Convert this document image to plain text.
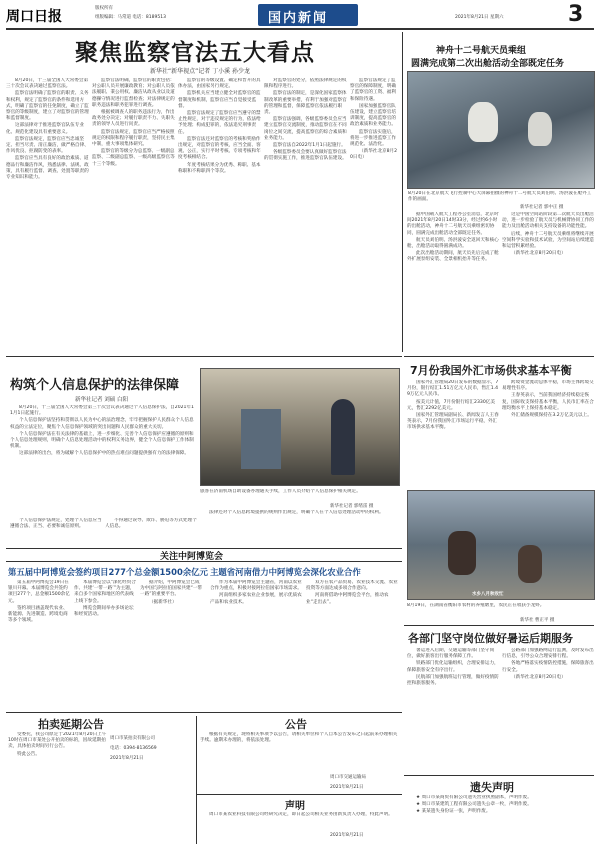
周口日报
版权所有
组版编辑：马常道 电话：8189513	国内新闻	2021年8月21日 星期六	3
聚焦监察官法五大看点
新华社“新华视点”记者 丁小溪 孙少龙

8月20日，十三届全国人大常委会第三十次会议表决通过监察官法。

监察官法明确了监察官的职责、义务和权利，规定了监察官的条件和选用方式，明确了监察官的任免制度，确立了监察官的等级制度，建立了对监察官的管理和监督制度。

这部法律对于推进监察官队伍专业化、规范化建设具有重要意义。

监察官法规定，监察官应当忠诚坚定、担当尽责、清正廉洁，做严格自律、作风优良、拒腐防变的表率。

监察官应当具有良好的政治素质、道德品行和廉洁作风，熟悉法律、法规、政策，具有履行监督、调查、处置等职责的专业知识和能力。

监察官法明确，监察官的职责包括：对公职人员开展廉政教育；对公职人员依法履职、秉公用权、廉洁从政从业以及道德操守情况进行监督检查；对法律规定的职务违法和职务犯罪进行调查。

根据被调查人的职务违法行为，作出政务处分决定；对履行职责不力、失职失责的领导人员进行问责。

监察官法规定，监察官应当严格按照规定的权限和程序履行职责，坚持民主集中制，重大事项集体研究。

监察官的等级分为总监察、一级副总监察、二级副总监察、一级高级监察官等十三个等级。

监察官的等级设置、确定和晋升的具体办法，由国家另行规定。

监察机关应当建立健全对监察官的监督制度和机制，监察官应当自觉接受监督。

监察官法规定了监察官应当遵守的禁止性规定，对于违反规定的行为，依法给予处理；构成犯罪的，依法追究刑事责任。

监察官法还对监察官的考核和奖励作出规定，对监察官的考核，应当全面、客观、公正，实行平时考核、专项考核和年度考核相结合。

年度考核结果分为优秀、称职、基本称职和不称职四个等次。

对监察官的处分，依照法律规定的权限和程序进行。

监察官法的制定，是深化国家监察体制改革的重要举措，有利于加强对监察官的管理和监督，保障监察官依法履行职责。

监察官法强调，各级监察委员会应当建立监察官交流制度，推动监察官在不同岗位之间交流，提高监察官的综合素质和业务能力。

监察官法自2022年1月1日起施行。

各级监察委员会要认真做好监察官法的贯彻实施工作，推进监察官队伍建设。

监察官法规定了监察官的保障制度，明确了监察官的工资、福利和保险待遇。

国家加强监察官队伍建设，建立监察官培训制度，提高监察官的政治素质和业务能力。

监察官法实施后，将进一步推进监察工作规范化、法治化。

（新华社北京8月20日电）

神舟十二号航天员乘组
圆满完成第二次出舱活动全部既定任务
8月20日在北京航天飞行控制中心大屏幕拍摄的神舟十二号航天员刘伯明、汤洪波在舱外工作的画面。
新华社记者 郭中正 摄

据中国载人航天工程办公室消息，北京时间2021年8月20日14时33分，经过约6小时的出舱活动，神舟十二号航天员乘组密切协同，圆满完成出舱活动全部既定任务。

航天员刘伯明、汤洪波安全返回天和核心舱，出舱活动取得圆满成功。

此次出舱活动期间，航天员先后完成了舱外扩展泵组安装、全景相机抬升等任务。

这是中国空间站阶段第二次航天员出舱活动，进一步检验了航天员与机械臂协同工作的能力及出舱活动相关支持设备的功能性能。

后续，神舟十二号航天员乘组将继续开展空间科学实验和技术试验，为空间站后续建造和运营积累经验。

（新华社北京8月20日电）

构筑个人信息保护的法律保障
新华社记者 刘硕 白阳

8月20日，十三届全国人大常委会第三十次会议表决通过个人信息保护法，自2021年11月1日起施行。

个人信息保护法坚持和贯彻以人民为中心的法治理念，牢牢把握保护人民群众个人信息权益的立法定位，聚焦个人信息保护领域的突出问题和人民群众的重大关切。

个人信息保护法在有关法律的基础上，进一步细化、完善个人信息保护应遵循的原则和个人信息处理规则，明确个人信息处理活动中的权利义务边界，健全个人信息保护工作体制机制。

这部法律的出台，将为破解个人信息保护中的热点难点问题提供强有力的法律保障。

旅客在济南机场自助设备办理通关手续，工作人员介绍个人信息保护相关规定。
新华社记者 郭绪雷 摄

个人信息保护法规定，处理个人信息应当遵循合法、正当、必要和诚信原则。

不得通过误导、欺诈、胁迫等方式处理个人信息。

法律还对个人信息跨境提供的规则作出规定，明确个人在个人信息处理活动中的权利。

7月份我国外汇市场供求基本平衡

国家外汇管理局20日发布的数据显示，7月份，银行结汇1.51万亿元人民币，售汇1.49万亿元人民币。

按美元计值，7月份银行结汇2330亿美元，售汇2292亿美元。

国家外汇管理局副局长、新闻发言人王春英表示，7月份我国外汇市场运行平稳，外汇市场供求基本平衡。

跨境资金流动总体平稳，市场主体跨境交易理性有序。

王春英表示，当前我国经济持续稳定恢复，国际收支保持基本平衡，人民币汇率在合理均衡水平上保持基本稳定。

外汇储备规模保持在3.2万亿美元以上。

水乡八月秋收忙
8月19日，在湖南省衡阳市农村的养殖塘里，农民正在收获小龙虾。
新华社 曹正平 摄
关注中阿博览会
第五届中阿博览会签约项目277个总金额1500余亿元 主题省河南借力中阿博览会深化农业合作

第五届中阿博览会19日在银川开幕。本届博览会共签约项目277个，总金额1500余亿元。

签约项目涵盖现代农业、新能源、先进制造、跨境电商等多个领域。

本届博览会以“深化经贸合作、共建‘一带一路’”为主题，来自多个国家和地区的代表线上线下参会。

博览会期间举办多场论坛和经贸活动。

据介绍，中阿博览会已成为中国与阿拉伯国家共建“一带一路”的重要平台。

（据新华社）

作为本届中阿博览会主题省，河南以农业合作为重点，积极对接阿拉伯国家市场需求。

河南组织多家农业企业参展，展示优质农产品和农业技术。

双方在农产品贸易、农业技术交流、农业投资等方面达成多项合作意向。

河南将借助中阿博览会平台，推动农业“走出去”。

各部门坚守岗位做好暑运后期服务

暑运进入后期，交通运输等部门坚守岗位，做好旅客出行服务保障工作。

铁路部门优化运输组织，合理安排运力，保障旅客安全有序出行。

民航部门加强航班运行管理，做好疫情防控和旅客服务。

公路部门加强路网运行监测，及时发布出行信息，引导公众合理安排行程。

各地严格落实疫情防控措施，保障旅客出行安全。

（新华社北京8月20日电）

拍卖延期公告

受委托，我公司原定于2021年8月20日上午10时在周口市某处公开拍卖的标的，因故延期拍卖，具体拍卖时间另行公告。

特此公告。

周口市某拍卖有限公司
电话：0394-8136569
2021年8月21日
公告

根据有关规定，现将相关事项予以公告，请相关单位和个人自本公告发布之日起前来办理相关手续。逾期未办理的，将依法处理。

周口市交通运输局
2021年8月21日
声明

周口市某农业科技有限公司经研究决定，即日起公司相关业务由新负责人办理，特此声明。

2021年8月21日
遗失声明

★ 周口市某商贸有限公司遗失营业执照副本，声明作废。

★ 周口市某建筑工程有限公司遗失公章一枚，声明作废。

★ 某某遗失身份证一张，声明作废。
